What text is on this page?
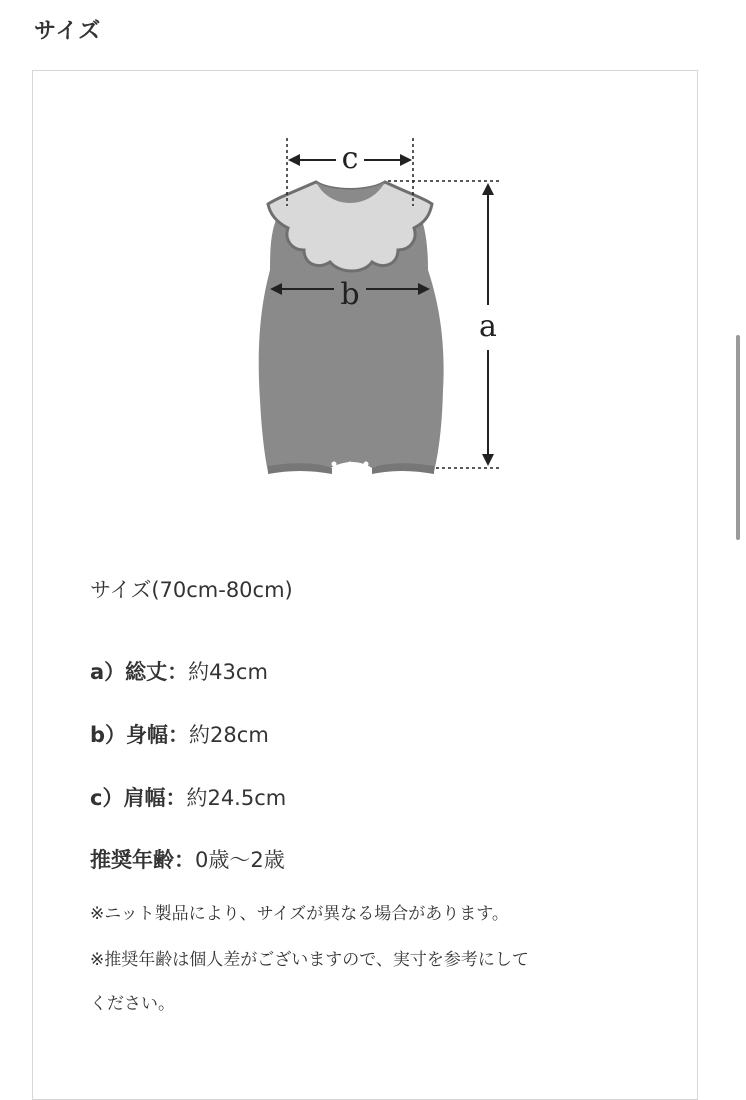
サイズ
c
b
a
サイズ(70cm-80cm)
a）総丈：約43cm
b）身幅：約28cm
c）肩幅：約24.5cm
推奨年齢：0歳〜2歳
※ニット製品により、サイズが異なる場合があります。
※推奨年齢は個人差がございますので、実寸を参考にして
ください。
